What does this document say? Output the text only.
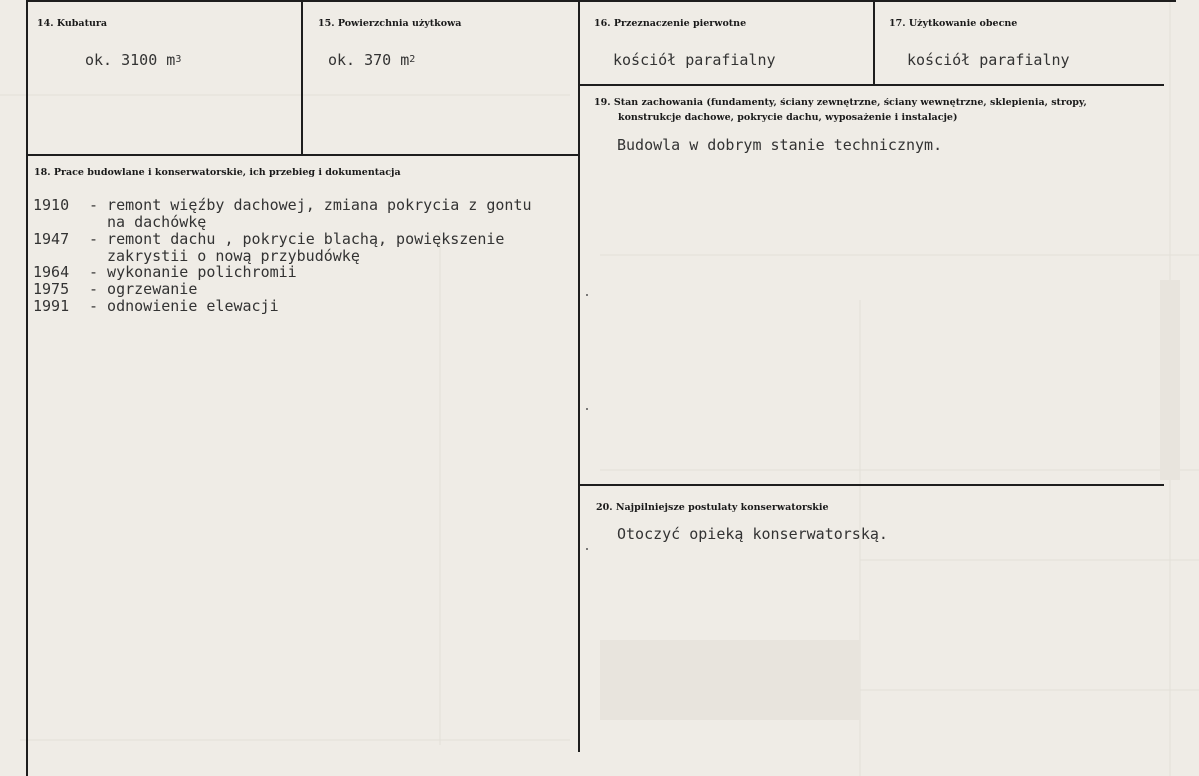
14. Kubatura
ok. 3100 $m^3$
15. Powierzchnia użytkowa
ok. 370 $m^2$
16. Przeznaczenie pierwotne
kościół parafialny
17. Użytkowanie obecne
kościół parafialny
19. Stan zachowania (fundamenty, ściany zewnętrzne, ściany wewnętrzne, sklepienia, stropy,
konstrukcje dachowe, pokrycie dachu, wyposażenie i instalacje)
Budowla w dobrym stanie technicznym.
18. Prace budowlane i konserwatorskie, ich przebieg i dokumentacja
1910 - remont więźby dachowej, zmiana pokrycia z gontu
na dachówkę
1947 - remont dachu , pokrycie blachą, powiększenie
zakrystii o nową przybudówkę
1964 - wykonanie polichromii
1975 - ogrzewanie
1991 - odnowienie elewacji
20. Najpilniejsze postulaty konserwatorskie
Otoczyć opieką konserwatorską.
